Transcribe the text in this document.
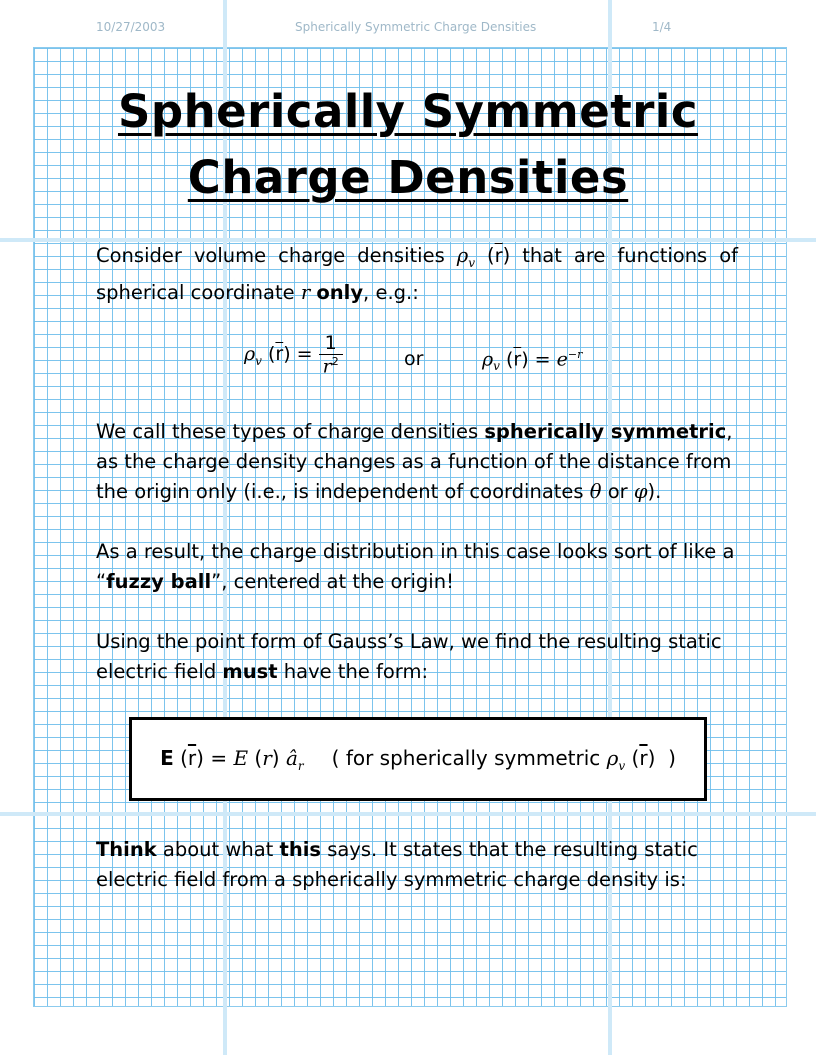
10/27/2003	Spherically Symmetric Charge Densities	1/4
Spherically Symmetric
Charge Densities
Consider volume charge densities $\rho_v$ $(\overline{r})$ that are functions of
spherical coordinate r only, e.g.:
$\rho_v$ $(\overline{r}) = \frac{1}{r^2}$	or	$\rho_v$ $(\overline{r}) = e^{-r}$
We call these types of charge densities spherically symmetric, as the charge density changes as a function of the distance from the origin only (i.e., is independent of coordinates θ or φ).
As a result, the charge distribution in this case looks sort of like a “fuzzy ball”, centered at the origin!
Using the point form of Gauss’s Law, we find the resulting static electric field must have the form:
E $(\overline{r}) = E$ (r) $â_r$ ( for spherically symmetric $\rho_v$ $(\overline{r})$  )
Think about what this says. It states that the resulting static electric field from a spherically symmetric charge density is:
